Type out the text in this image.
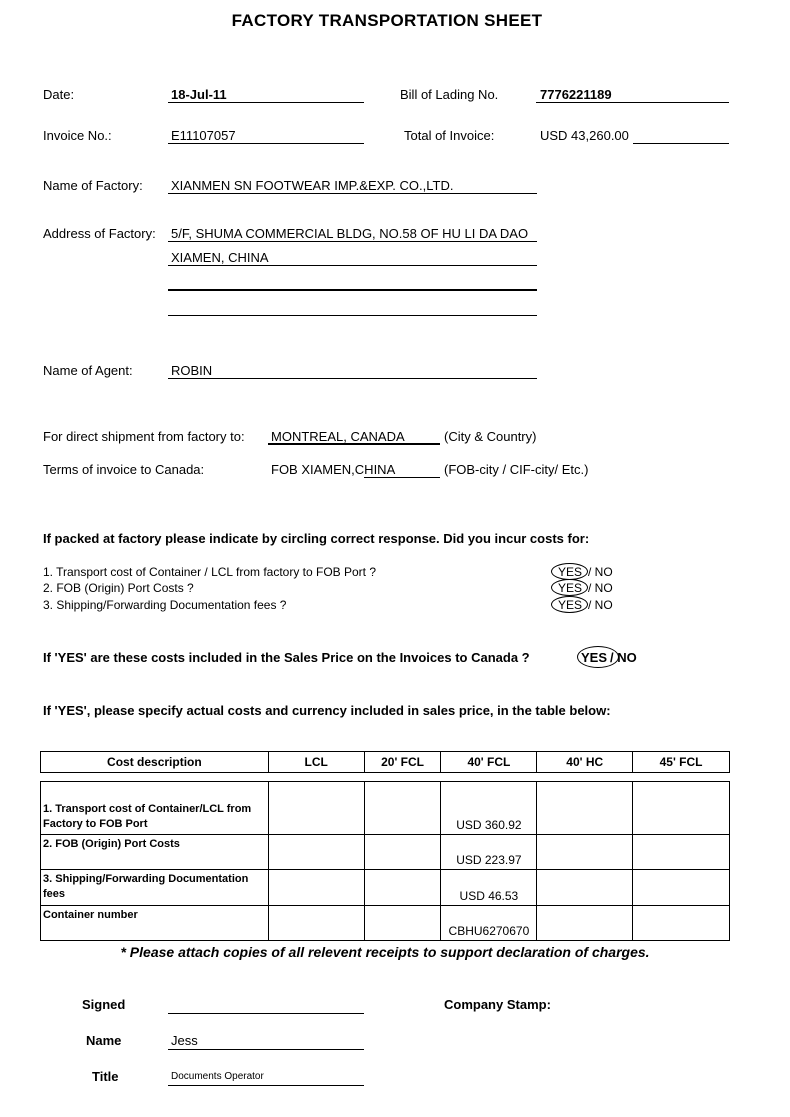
FACTORY TRANSPORTATION SHEET
Date:	18-Jul-11	Bill of Lading No.	7776221189
Invoice No.:	E11107057	Total of Invoice:	USD 43,260.00
Name of Factory: XIANMEN SN FOOTWEAR IMP.&EXP. CO.,LTD.
Address of Factory: 5/F, SHUMA COMMERCIAL BLDG, NO.58 OF HU LI DA DAO
XIAMEN, CHINA
Name of Agent:	ROBIN
For direct shipment from factory to: MONTREAL, CANADA	(City & Country)
Terms of invoice to Canada:	FOB XIAMEN,CHINA	(FOB-city / CIF-city/ Etc.)
If packed at factory please indicate by circling correct response. Did you incur costs for:
1. Transport cost of Container / LCL from factory to FOB Port ?	YES / NO
2. FOB (Origin) Port Costs ?	YES / NO
3. Shipping/Forwarding Documentation fees ?	YES / NO
If 'YES' are these costs included in the Sales Price on the Invoices to Canada ?	YES / NO
If 'YES', please specify actual costs and currency included in sales price, in the table below:
Cost description	LCL	20' FCL	40' FCL	40' HC	45' FCL

1. Transport cost of Container/LCL from Factory to FOB Port			USD 360.92		

2. FOB (Origin) Port Costs			USD 223.97		

3. Shipping/Forwarding Documentation fees			USD 46.53		

Container number			CBHU6270670		

* Please attach copies of all relevent receipts to support declaration of charges.
Signed	Company Stamp:
Name	Jess
Title	Documents Operator
